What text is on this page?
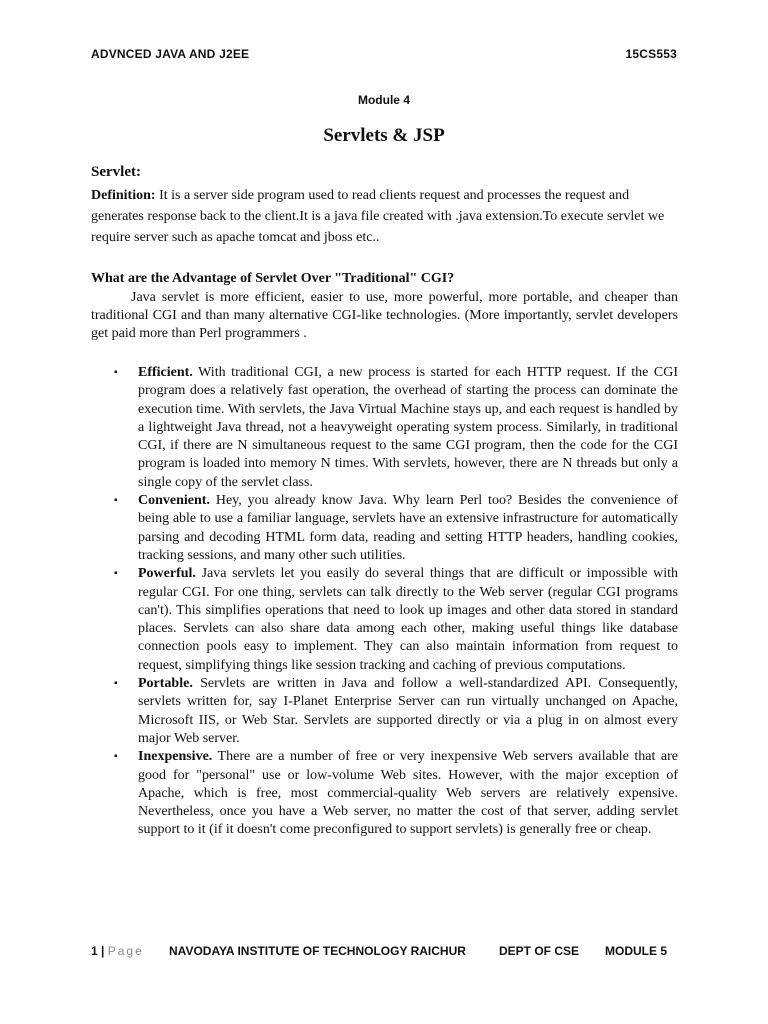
ADVNCED JAVA AND J2EE	15CS553
Module 4
Servlets & JSP

Servlet:

Definition: It is a server side program used to read clients request and processes the request and generates response back to the client.It is a java file created with .java extension.To execute servlet we require server such as apache tomcat and jboss etc..

What are the Advantage of Servlet Over "Traditional" CGI?

Java servlet is more efficient, easier to use, more powerful, more portable, and cheaper than traditional CGI and than many alternative CGI-like technologies. (More importantly, servlet developers get paid more than Perl programmers .

▪ Efficient. With traditional CGI, a new process is started for each HTTP request. If the CGI program does a relatively fast operation, the overhead of starting the process can dominate the execution time. With servlets, the Java Virtual Machine stays up, and each request is handled by a lightweight Java thread, not a heavyweight operating system process. Similarly, in traditional CGI, if there are N simultaneous request to the same CGI program, then the code for the CGI program is loaded into memory N times. With servlets, however, there are N threads but only a single copy of the servlet class.
▪ Convenient. Hey, you already know Java. Why learn Perl too? Besides the convenience of being able to use a familiar language, servlets have an extensive infrastructure for automatically parsing and decoding HTML form data, reading and setting HTTP headers, handling cookies, tracking sessions, and many other such utilities.
▪ Powerful. Java servlets let you easily do several things that are difficult or impossible with regular CGI. For one thing, servlets can talk directly to the Web server (regular CGI programs can't). This simplifies operations that need to look up images and other data stored in standard places. Servlets can also share data among each other, making useful things like database connection pools easy to implement. They can also maintain information from request to request, simplifying things like session tracking and caching of previous computations.
▪ Portable. Servlets are written in Java and follow a well-standardized API. Consequently, servlets written for, say I-Planet Enterprise Server can run virtually unchanged on Apache, Microsoft IIS, or Web Star. Servlets are supported directly or via a plug in on almost every major Web server.
▪ Inexpensive. There are a number of free or very inexpensive Web servers available that are good for "personal" use or low-volume Web sites. However, with the major exception of Apache, which is free, most commercial-quality Web servers are relatively expensive. Nevertheless, once you have a Web server, no matter the cost of that server, adding servlet support to it (if it doesn't come preconfigured to support servlets) is generally free or cheap.
1 | Page	NAVODAYA INSTITUTE OF TECHNOLOGY RAICHUR	DEPT OF CSE	MODULE 5
